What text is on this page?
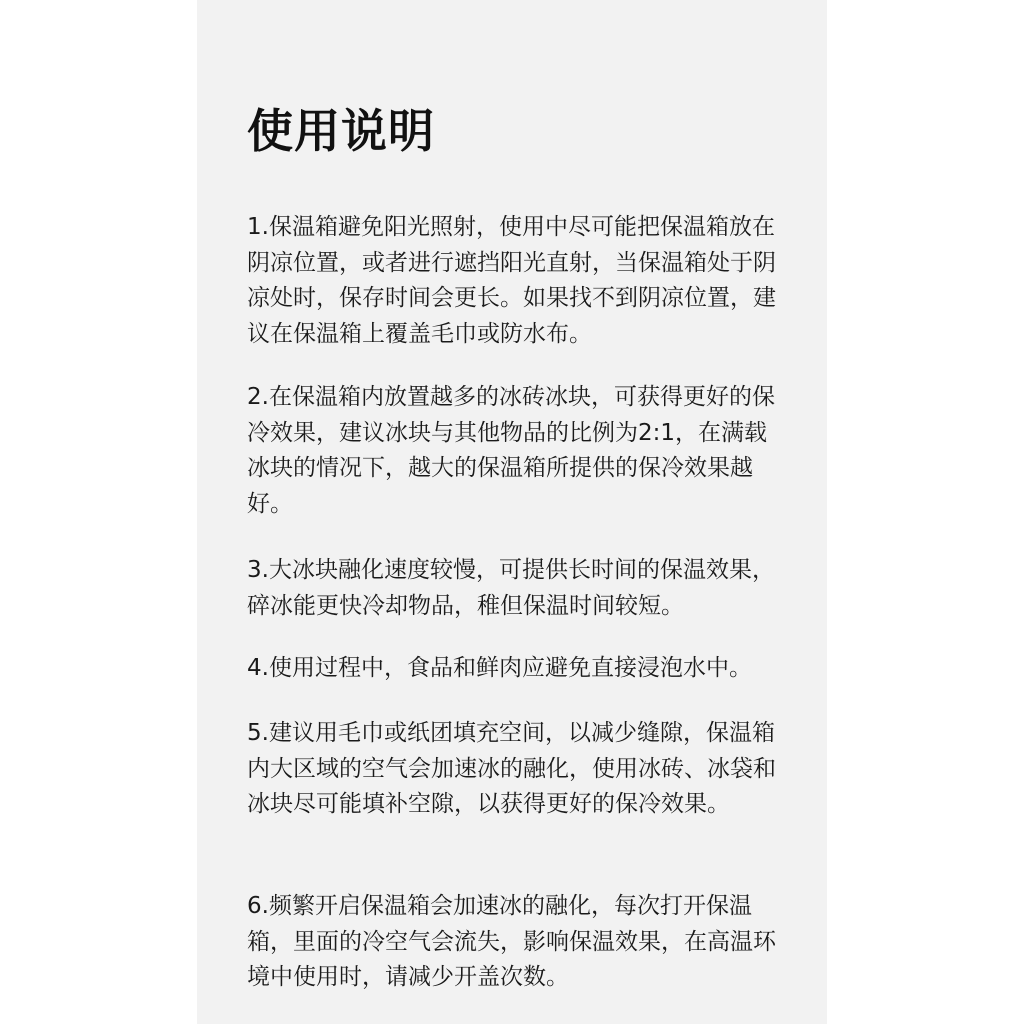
使用说明

1.保温箱避免阳光照射，使用中尽可能把保温箱放在阴凉位置，或者进行遮挡阳光直射，当保温箱处于阴凉处时，保存时间会更长。如果找不到阴凉位置，建议在保温箱上覆盖毛巾或防水布。

2.在保温箱内放置越多的冰砖冰块，可获得更好的保冷效果，建议冰块与其他物品的比例为2:1，在满载冰块的情况下，越大的保温箱所提供的保冷效果越好。

3.大冰块融化速度较慢，可提供长时间的保温效果，碎冰能更快冷却物品，稚但保温时间较短。

4.使用过程中，食品和鲜肉应避免直接浸泡水中。

5.建议用毛巾或纸团填充空间，以减少缝隙，保温箱内大区域的空气会加速冰的融化，使用冰砖、冰袋和冰块尽可能填补空隙，以获得更好的保冷效果。

6.频繁开启保温箱会加速冰的融化，每次打开保温箱，里面的冷空气会流失，影响保温效果，在高温环境中使用时，请减少开盖次数。
